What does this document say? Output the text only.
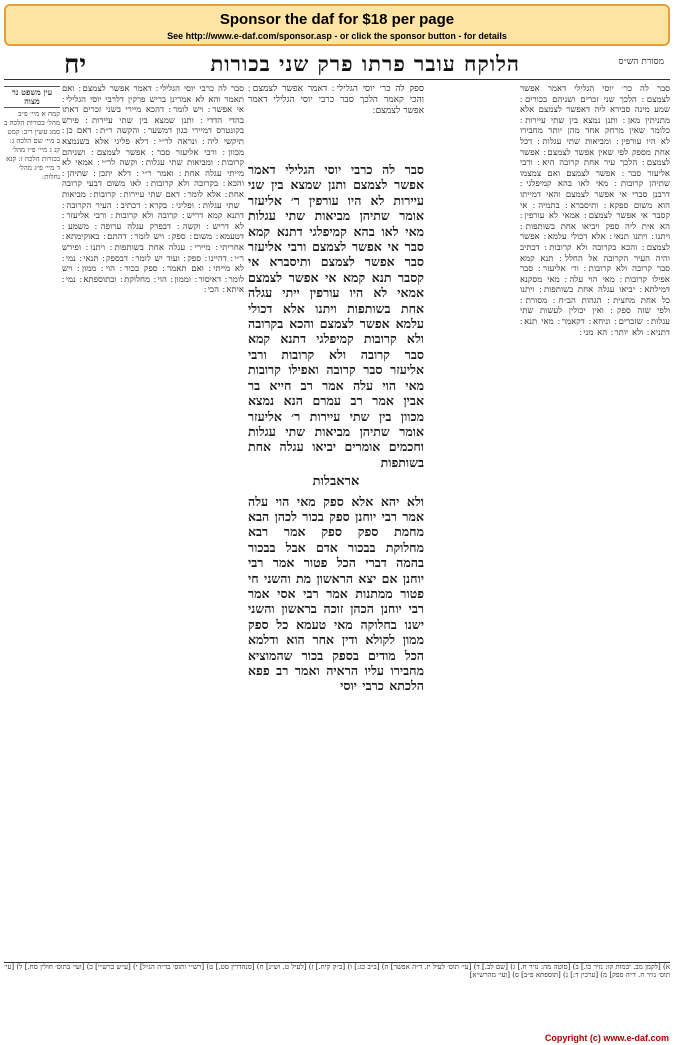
Sponsor the daf for $18 per page
See http://www.e-daf.com/sponsor.asp - or click the sponsor button - for details
מסורת הש״ס
הלוקח עובר פרתו פרק שני בכורות
יח
עין משפט נר מצוה
קמח א מיי׳ פ״ב מהל׳ בכורות הלכה ב סמג עשין ריב ׃ קמט ב מיי׳ שם הלכה ג ׃ קנ ג מיי׳ פ״ו מהל׳ בכורות הלכה ז ׃ קנא ד מיי׳ פ״ג מהל׳ נחלות ׃
סבר לה כרבי יוסי הגלילי ׃ דאמר אפשר לצמצם ׃ ואם תאמר והא לא אמרינן בריש פרקין דלרבי יוסי הגלילי ׃ אי אפשר ׃ ויש לומר ׃ דהכא מיירי בשני זכרים דאתו בהדי הדדי ׃ ותנן שמצא בין שתי עיירות ׃ פירש בקונטרס דמיירי כגון דמשער ׃ והקשה ר״ת ׃ דאם כן ׃ תיקשי ליה ׃ ונראה לר״י ׃ דלא פליגי אלא בשנמצא מכוון ׃ ורבי אליעזר סבר ׃ אפשר לצמצם ׃ ושניהם קרובות ׃ ומביאות שתי עגלות ׃ וקשה לר״י ׃ אמאי לא מייתי עגלה אחת ׃ ואמר ר״י ׃ דלא יתכן ׃ שתיהן ׃ והכא ׃ בקרובה ולא קרובות ׃ לאו משום דבעי קרובה אחת ׃ אלא לומר ׃ דאם שתי עיירות ׃ קרובות ׃ מביאות ׃ שתי עגלות ׃ ופליגי ׃ בקרא ׃ דכתיב ׃ העיר הקרובה ׃ דתנא קמא דריש ׃ קרובה ולא קרובות ׃ ורבי אליעזר ׃ לא דריש ׃ וקשה ׃ דבפרק עגלה ערופה ׃ משמע ׃ דטעמא ׃ משום ׃ ספק ׃ ויש לומר ׃ דהתם ׃ באוקימתא ׃ אחריתי ׃ מיירי ׃ עגלה אחת בשותפות ׃ ויתנו ׃ ופירש ר״י ׃ דהיינו ׃ ספק ׃ ועוד יש לומר ׃ דבספק ׃ תנאי ׃ נמי ׃ לא מייתי ׃ ואם תאמר ׃ ספק בכור ׃ הוי ׃ ממון ׃ ויש לומר ׃ דאיסור ׃ וממון ׃ הוי ׃ מחלוקת ׃ ובתוספתא ׃ נמי ׃ איתא ׃ הכי ׃
ספק לה כר׳ יוסי הגלילי ׃ דאמר אפשר לצמצם ׃ והכי קאמר הלכך סבר כרבי יוסי הגלילי דאמר אפשר לצמצם ׃
סבר לה כרבי יוסי הגלילי דאמר אפשר לצמצם ותנן שמצא בין שני עיירות לא היו עורפין ר׳ אליעזר אומר שתיהן מביאות שתי עגלות מאי לאו בהא קמיפלגי דתנא קמא סבר אי אפשר לצמצם ורבי אליעזר סבר אפשר לצמצם ותיסברא אי קסבר תנא קמא אי אפשר לצמצם אמאי לא היו עורפין ייתי עגלה אחת בשותפות ויתנו אלא דכולי עלמא אפשר לצמצם והכא בקרובה ולא קרובות קמיפלגי דתנא קמא סבר קרובה ולא קרובות ורבי אליעזר סבר קרובה ואפילו קרובות מאי הוי עלה אמר רב חייא בר אבין אמר רב עמרם הנא נמצא מכוון בין שתי עיירות ר׳ אליעזר אומר שתיהן מביאות שתי עגלות וחכמים אומרים יביאו עגלה אחת בשותפות
אראבלות
ולא יהא אלא ספק מאי הוי עלה אמר רבי יוחנן ספק בכור לכהן הבא מחמת ספק ספק אמר רבא מחלוקת בבכור אדם אבל בבכור בהמה דברי הכל פטור אמר רבי יוחנן אם יצא הראשון מת והשני חי פטור ממתנות אמר רבי אסי אמר רבי יוחנן הכהן זוכה בראשון והשני ישנו בחלוקה מאי טעמא כל ספק ממון לקולא ודין אחר הוא ודלמא הכל מודים בספק בכור שהמוציא מחבירו עליו הראיה ואמר רב פפא הלכתא כרבי יוסי
סבר לה כר׳ יוסי הגלילי דאמר אפשר לצמצם ׃ הלכך שני זכרים ושניהם בכורים ׃ שמע מינה סבירא ליה דאפשר לצמצם אלא מתניתין מאן ׃ ותנן נמצא בין שתי עיירות ׃ כלומר שאין מרחק אחד מהן יותר מחבירו לא היו עורפין ׃ ומביאות שתי עגלות ׃ דכל אחת מספק לפי שאין אפשר לצמצם ׃ אפשר לצמצם ׃ הלכך עיר אחת קרובה היא ׃ ורבי אליעזר סבר ׃ אפשר לצמצם ואם צמצמו שתיהן קרובות ׃ מאי לאו בהא קמיפלגי ׃ דרבנן סברי אי אפשר לצמצם והאי דמייתו הוא משום ספקא ׃ ותיסברא ׃ בתמיה ׃ אי קסבר אי אפשר לצמצם ׃ אמאי לא עורפין ׃ הא אית ליה ספק ויביאו אחת בשותפות ׃ ויתנו ׃ ויתנו תנאי ׃ אלא דכולי עלמא ׃ אפשר לצמצם ׃ והכא בקרובה ולא קרובות ׃ דכתיב והיה העיר הקרובה אל החלל ׃ תנא קמא סבר קרובה ולא קרובות ׃ ור׳ אליעזר ׃ סבר אפילו קרובות ׃ מאי הוי עלה ׃ מאי מסקנא דמילתא ׃ יביאו עגלה אחת בשותפות ׃ ויתנו כל אחת מחצית ׃ הגהות הב״ח ׃ מסורת ׃ ולפי שזה ספק ׃ ואין יכולין לעשות שתי עגלות ׃ שזכרים ׃ וניחא ׃ דקאמר ׃ מאי תנא ׃ דתניא ׃ ולא יותר ׃ הא מני ׃
א) [לקמן מב. יבמות קו: נזיר כו.] ב) [סוטה מה: נזיר ח.] ג) [שם לב.] ד) [עי׳ תוס׳ לעיל יז. ד״ה אפשר] ה) [ב״ב כג:] ו) [ב״ק קיח.] ז) [לעיל ט. וש״נ] ח) [סנהדרין סט.] ט) [רש״י ותוס׳ בד״ה הנ״ל] י) [ע״ש ברש״י] כ) [ועי׳ בתוס׳ חולין סח.] ל) [עי׳ תוס׳ נזיר ח. ד״ה ספק] מ) [ערכין ד:] נ) [תוספתא פ״ב] ס) [ועי׳ מהרש״א]
Copyright (c) www.e-daf.com
